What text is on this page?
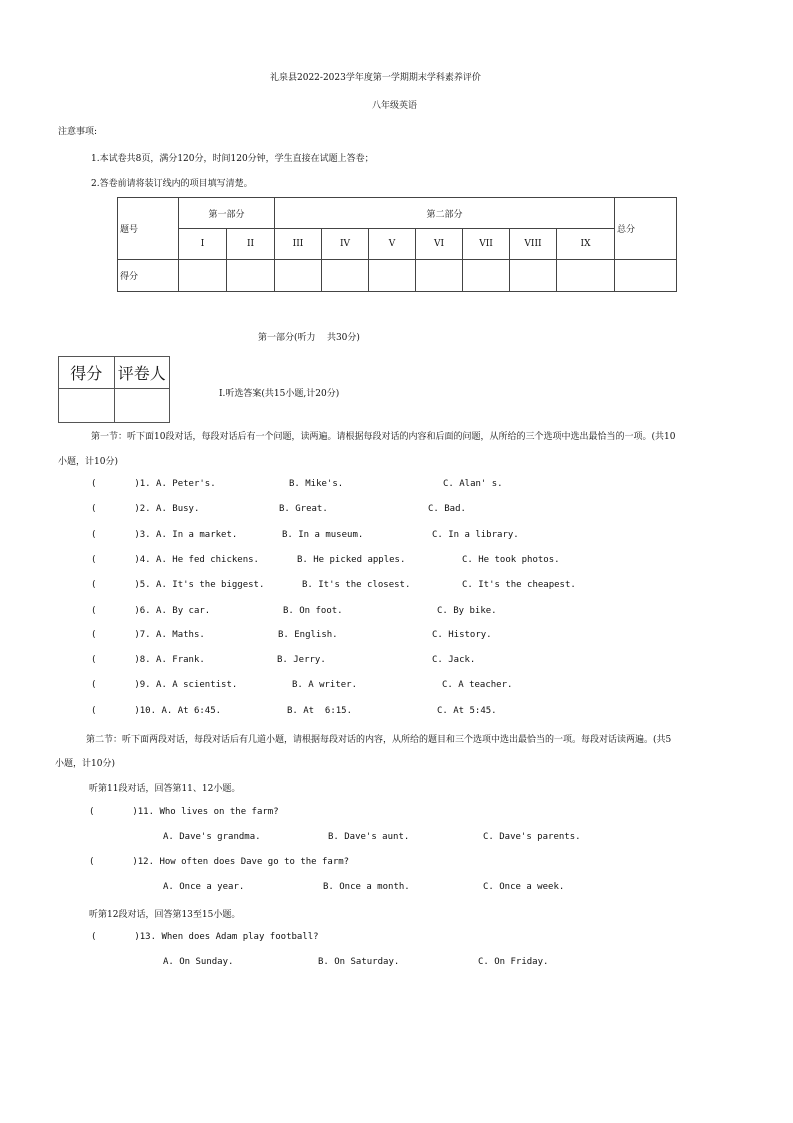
礼泉县2022-2023学年度第一学期期末学科素养评价
八年级英语
注意事项:
1.本试卷共8页，满分120分，时间120分钟，学生直接在试题上答卷；
2.答卷前请将装订线内的项目填写清楚。
题号	第一部分		第二部分							总分
	I	II	III	IV	V	VI	VII	VIII	IX	
得分										
第一部分(听力    共30分)
得分	评卷人

Ⅰ.听选答案(共15小题,计20分)
第一节：听下面10段对话，每段对话后有一个问题，读两遍。请根据每段对话的内容和后面的问题，从所给的三个选项中选出最恰当的一项。(共10
小题，计10分)
(       )1. A. Peter's.	B. Mike's.	C. Alan' s.
(       )2. A. Busy.	B. Great.	C. Bad.
(       )3. A. In a market.	B. In a museum.	C. In a library.
(       )4. A. He fed chickens.	B. He picked apples.	C. He took photos.
(       )5. A. It's the biggest.	B. It's the closest.	C. It's the cheapest.
(       )6. A. By car.	B. On foot.	C. By bike.
(       )7. A. Maths.	B. English.	C. History.
(       )8. A. Frank.	B. Jerry.	C. Jack.
(       )9. A. A scientist.	B. A writer.	C. A teacher.
(       )10. A. At 6:45.	B. At  6:15.	C. At 5:45.
第二节：听下面两段对话，每段对话后有几道小题，请根据每段对话的内容，从所给的题目和三个选项中选出最恰当的一项。每段对话读两遍。(共5
小题，计10分)
听第11段对话，回答第11、12小题。
(       )11. Who lives on the farm?
A. Dave's grandma.	B. Dave's aunt.	C. Dave's parents.
(       )12. How often does Dave go to the farm?
A. Once a year.	B. Once a month.	C. Once a week.
听第12段对话，回答第13至15小题。
(       )13. When does Adam play football?
A. On Sunday.	B. On Saturday.	C. On Friday.
